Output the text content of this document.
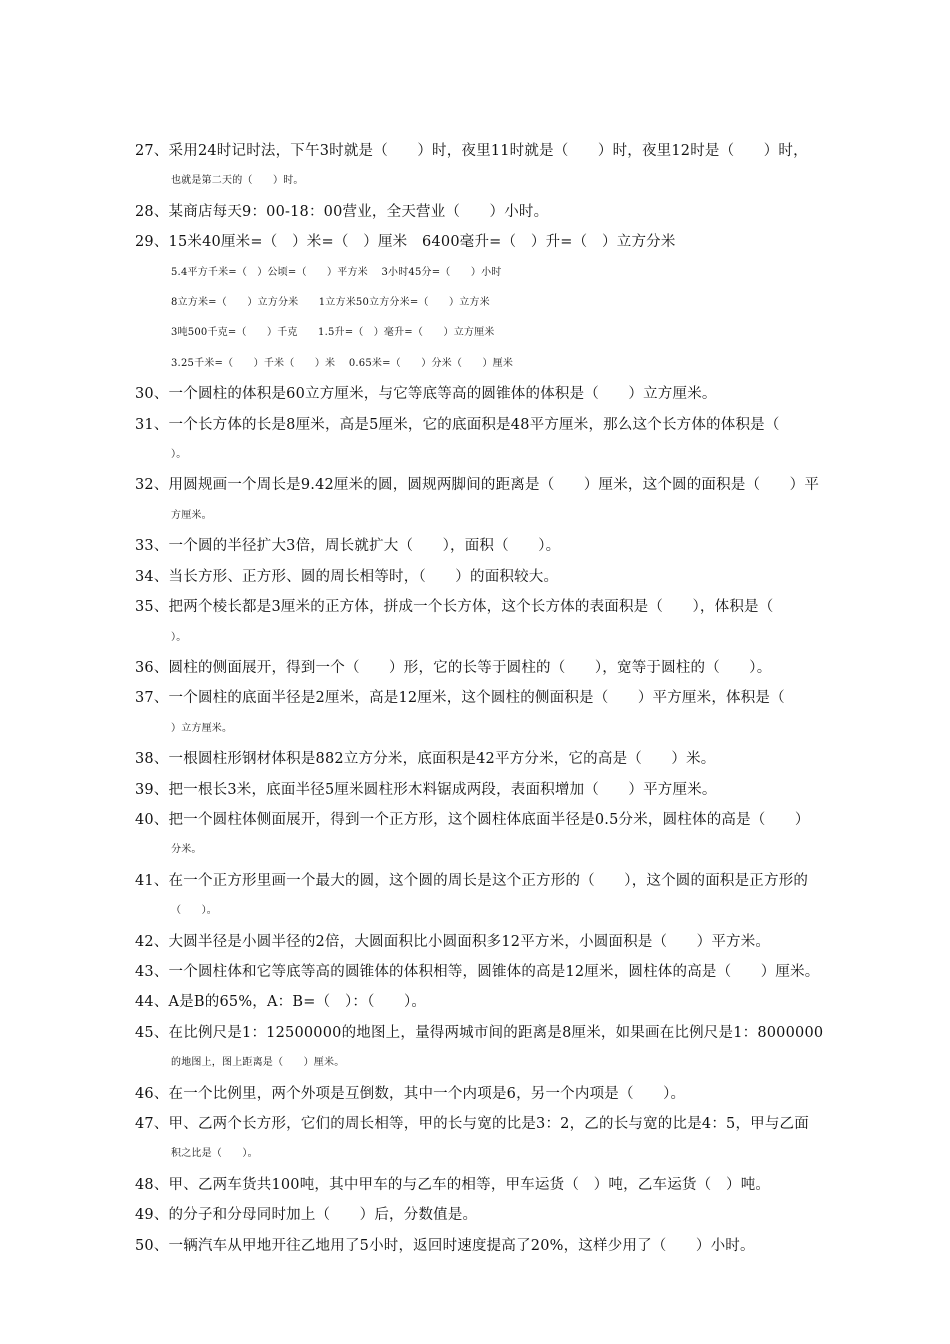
27、采用24时记时法，下午3时就是（　　）时，夜里11时就是（　　）时，夜里12时是（　　）时，
也就是第二天的（　　）时。
28、某商店每天9：00-18：00营业，全天营业（　　）小时。
29、15米40厘米=（　）米=（　）厘米　6400毫升=（　）升=（　）立方分米
5.4平方千米=（　）公顷=（　　）平方米　 3小时45分=（　　）小时
8立方米=（　　）立方分米　　1立方米50立方分米=（　　）立方米
3吨500千克=（　　）千克　　1.5升=（　）毫升=（　　）立方厘米
3.25千米=（　　）千米（　　）米　 0.65米=（　　）分米（　　）厘米
30、一个圆柱的体积是60立方厘米，与它等底等高的圆锥体的体积是（　　）立方厘米。
31、一个长方体的长是8厘米，高是5厘米，它的底面积是48平方厘米，那么这个长方体的体积是（
）。
32、用圆规画一个周长是9.42厘米的圆，圆规两脚间的距离是（　　）厘米，这个圆的面积是（　　）平
方厘米。
33、一个圆的半径扩大3倍，周长就扩大（　　），面积（　　）。
34、当长方形、正方形、圆的周长相等时，（　　）的面积较大。
35、把两个棱长都是3厘米的正方体，拼成一个长方体，这个长方体的表面积是（　　），体积是（
）。
36、圆柱的侧面展开，得到一个（　　）形，它的长等于圆柱的（　　），宽等于圆柱的（　　）。
37、一个圆柱的底面半径是2厘米，高是12厘米，这个圆柱的侧面积是（　　）平方厘米，体积是（
）立方厘米。
38、一根圆柱形钢材体积是882立方分米，底面积是42平方分米，它的高是（　　）米。
39、把一根长3米，底面半径5厘米圆柱形木料锯成两段，表面积增加（　　）平方厘米。
40、把一个圆柱体侧面展开，得到一个正方形，这个圆柱体底面半径是0.5分米，圆柱体的高是（　　）
分米。
41、在一个正方形里画一个最大的圆，这个圆的周长是这个正方形的（　　），这个圆的面积是正方形的
（　　）。
42、大圆半径是小圆半径的2倍，大圆面积比小圆面积多12平方米，小圆面积是（　　）平方米。
43、一个圆柱体和它等底等高的圆锥体的体积相等，圆锥体的高是12厘米，圆柱体的高是（　　）厘米。
44、A是B的65%，A：B=（　）：（　　）。
45、在比例尺是1：12500000的地图上，量得两城市间的距离是8厘米，如果画在比例尺是1：8000000
的地图上，图上距离是（　　）厘米。
46、在一个比例里，两个外项是互倒数，其中一个内项是6，另一个内项是（　　）。
47、甲、乙两个长方形，它们的周长相等，甲的长与宽的比是3：2，乙的长与宽的比是4：5，甲与乙面
积之比是（　　）。
48、甲、乙两车货共100吨，其中甲车的与乙车的相等，甲车运货（　）吨，乙车运货（　）吨。
49、的分子和分母同时加上（　　）后，分数值是。
50、一辆汽车从甲地开往乙地用了5小时，返回时速度提高了20%，这样少用了（　　）小时。
